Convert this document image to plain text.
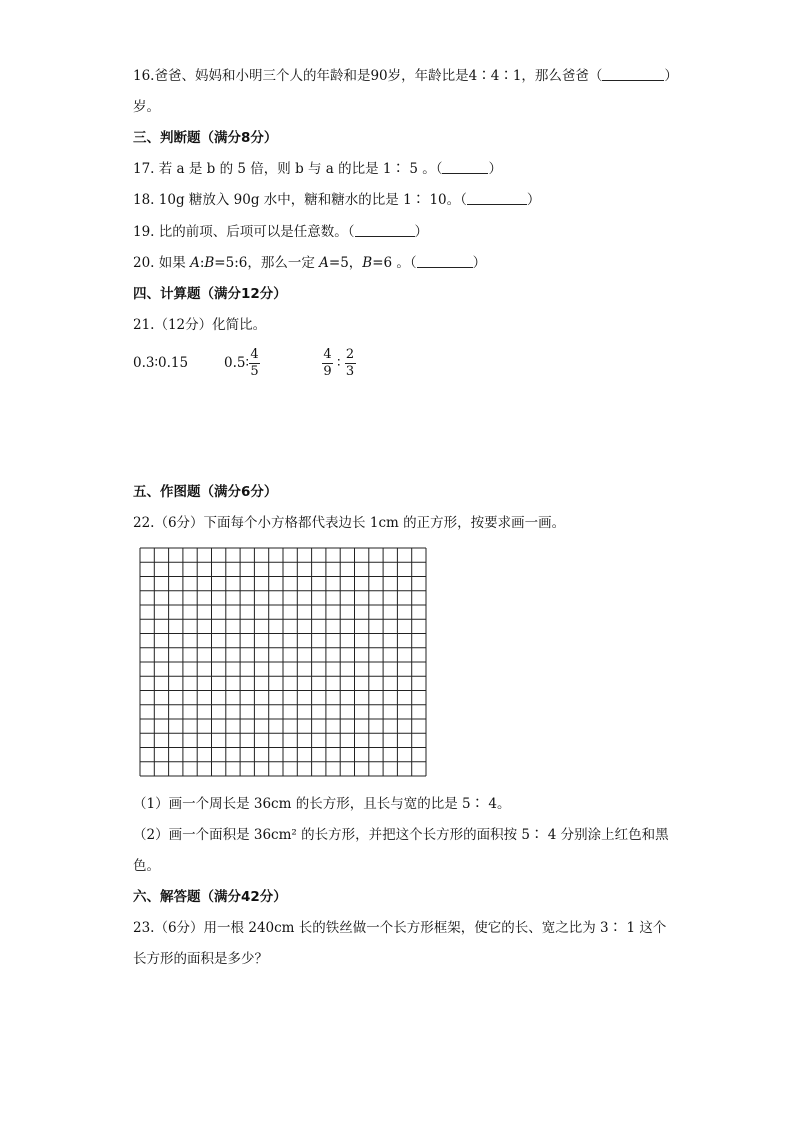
16.爸爸、妈妈和小明三个人的年龄和是90岁，年龄比是4∶4∶1，那么爸爸（	）
岁。
三、判断题（满分8分）
17. 若 a 是 b 的 5 倍，则 b 与 a 的比是 1∶ 5 。（	）
18. 10g 糖放入 90g 水中，糖和糖水的比是 1∶ 10。（	）
19. 比的前项、后项可以是任意数。（	）
20. 如果 A:B=5:6，那么一定 A=5，B=6 。（	）
四、计算题（满分12分）
21.（12分）化简比。
0.3∶0.15	0.5∶ $\frac{4}{5}$	$\frac{4}{9}$ ∶ $\frac{2}{3}$
五、作图题（满分6分）
22.（6分）下面每个小方格都代表边长 1cm 的正方形，按要求画一画。
（1）画一个周长是 36cm 的长方形，且长与宽的比是 5∶ 4。
（2）画一个面积是 36cm² 的长方形，并把这个长方形的面积按 5∶ 4 分别涂上红色和黑
色。
六、解答题（满分42分）
23.（6分）用一根 240cm 长的铁丝做一个长方形框架，使它的长、宽之比为 3∶ 1 这个
长方形的面积是多少？
